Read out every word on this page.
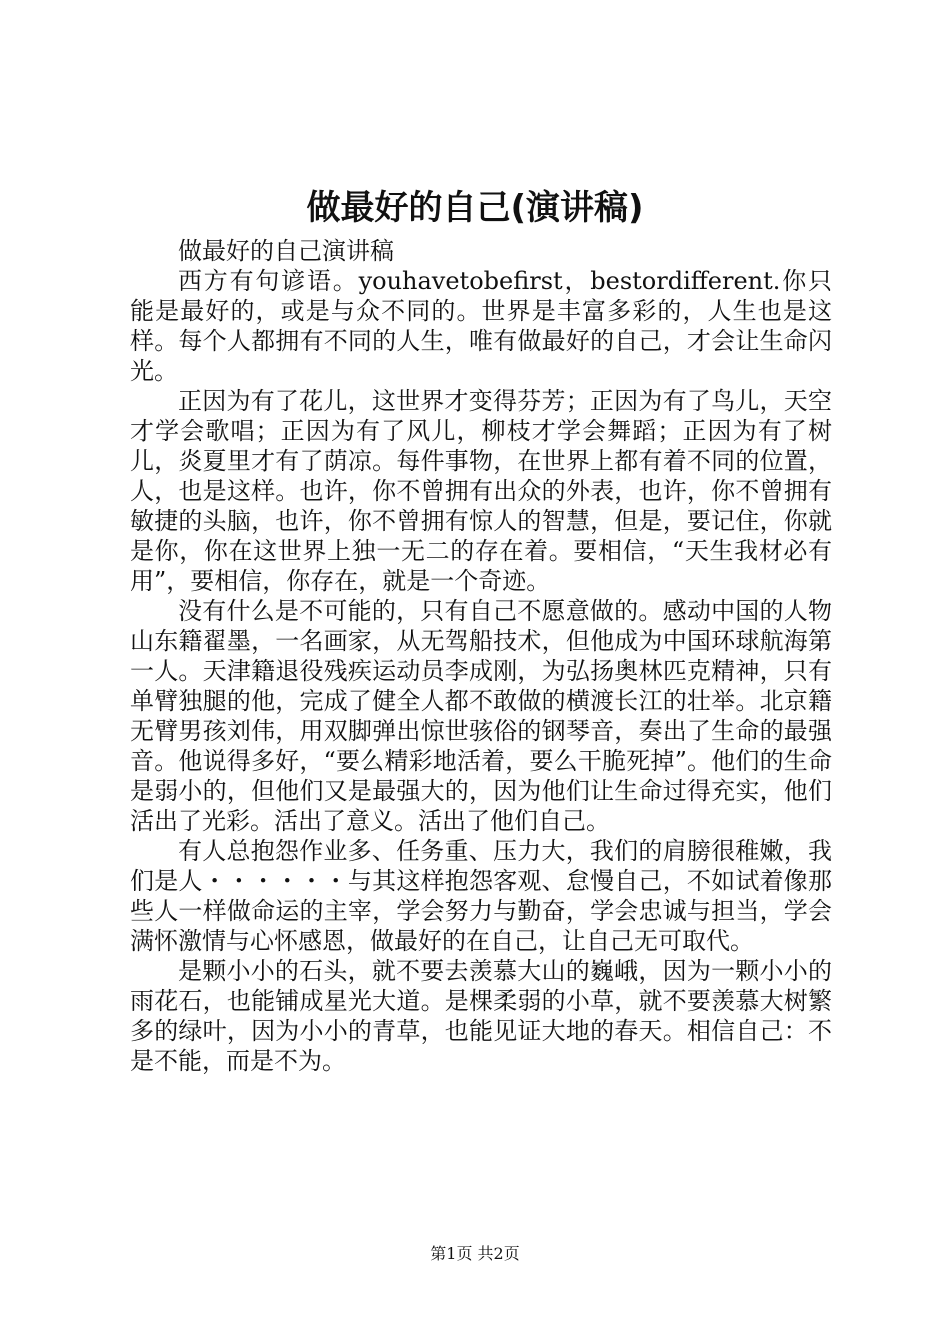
做最好的自己(演讲稿)

做最好的自己演讲稿

西方有句谚语。youhavetobefirst，bestordifferent.你只能是最好的，或是与众不同的。世界是丰富多彩的，人生也是这样。每个人都拥有不同的人生，唯有做最好的自己，才会让生命闪光。

正因为有了花儿，这世界才变得芬芳；正因为有了鸟儿，天空才学会歌唱；正因为有了风儿，柳枝才学会舞蹈；正因为有了树儿，炎夏里才有了荫凉。每件事物，在世界上都有着不同的位置，人，也是这样。也许，你不曾拥有出众的外表，也许，你不曾拥有敏捷的头脑，也许，你不曾拥有惊人的智慧，但是，要记住，你就是你，你在这世界上独一无二的存在着。要相信，“天生我材必有用”，要相信，你存在，就是一个奇迹。

没有什么是不可能的，只有自己不愿意做的。感动中国的人物山东籍翟墨，一名画家，从无驾船技术，但他成为中国环球航海第一人。天津籍退役残疾运动员李成刚，为弘扬奥林匹克精神，只有单臂独腿的他，完成了健全人都不敢做的横渡长江的壮举。北京籍无臂男孩刘伟，用双脚弹出惊世骇俗的钢琴音，奏出了生命的最强音。他说得多好，“要么精彩地活着，要么干脆死掉”。他们的生命是弱小的，但他们又是最强大的，因为他们让生命过得充实，他们活出了光彩。活出了意义。活出了他们自己。

有人总抱怨作业多、任务重、压力大，我们的肩膀很稚嫩，我们是人・・・・・・与其这样抱怨客观、怠慢自己，不如试着像那些人一样做命运的主宰，学会努力与勤奋，学会忠诚与担当，学会满怀激情与心怀感恩，做最好的在自己，让自己无可取代。

是颗小小的石头，就不要去羡慕大山的巍峨，因为一颗小小的雨花石，也能铺成星光大道。是棵柔弱的小草，就不要羡慕大树繁多的绿叶，因为小小的青草，也能见证大地的春天。相信自己：不是不能，而是不为。

第1页 共2页
